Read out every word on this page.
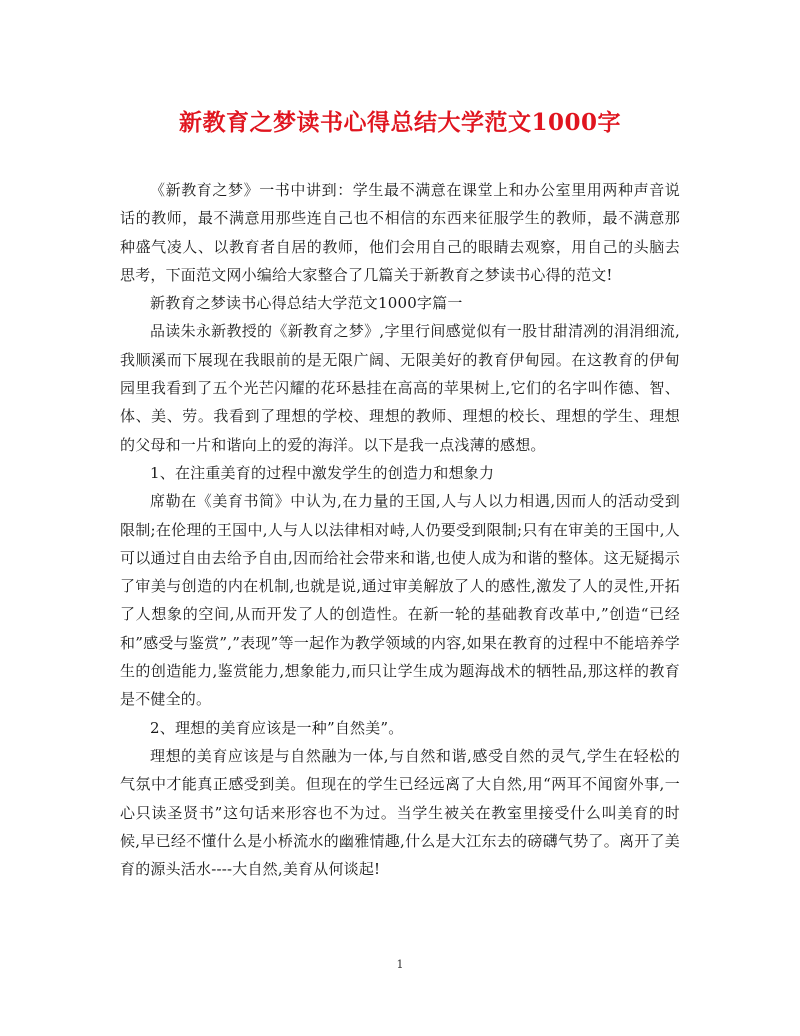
新教育之梦读书心得总结大学范文1000字

《新教育之梦》一书中讲到：学生最不满意在课堂上和办公室里用两种声音说话的教师，最不满意用那些连自己也不相信的东西来征服学生的教师，最不满意那种盛气凌人、以教育者自居的教师，他们会用自己的眼睛去观察，用自己的头脑去思考，下面范文网小编给大家整合了几篇关于新教育之梦读书心得的范文!

新教育之梦读书心得总结大学范文1000字篇一

品读朱永新教授的《新教育之梦》,字里行间感觉似有一股甘甜清冽的涓涓细流,我顺溪而下展现在我眼前的是无限广阔、无限美好的教育伊甸园。在这教育的伊甸园里我看到了五个光芒闪耀的花环悬挂在高高的苹果树上,它们的名字叫作德、智、体、美、劳。我看到了理想的学校、理想的教师、理想的校长、理想的学生、理想的父母和一片和谐向上的爱的海洋。以下是我一点浅薄的感想。

1、在注重美育的过程中激发学生的创造力和想象力

席勒在《美育书简》中认为,在力量的王国,人与人以力相遇,因而人的活动受到限制;在伦理的王国中,人与人以法律相对峙,人仍要受到限制;只有在审美的王国中,人可以通过自由去给予自由,因而给社会带来和谐,也使人成为和谐的整体。这无疑揭示了审美与创造的内在机制,也就是说,通过审美解放了人的感性,激发了人的灵性,开拓了人想象的空间,从而开发了人的创造性。在新一轮的基础教育改革中,”创造“已经和”感受与鉴赏”,”表现”等一起作为教学领域的内容,如果在教育的过程中不能培养学生的创造能力,鉴赏能力,想象能力,而只让学生成为题海战术的牺牲品,那这样的教育是不健全的。

2、理想的美育应该是一种”自然美”。

理想的美育应该是与自然融为一体,与自然和谐,感受自然的灵气,学生在轻松的气氛中才能真正感受到美。但现在的学生已经远离了大自然,用“两耳不闻窗外事,一心只读圣贤书”这句话来形容也不为过。当学生被关在教室里接受什么叫美育的时候,早已经不懂什么是小桥流水的幽雅情趣,什么是大江东去的磅礴气势了。离开了美育的源头活水----大自然,美育从何谈起!

1
